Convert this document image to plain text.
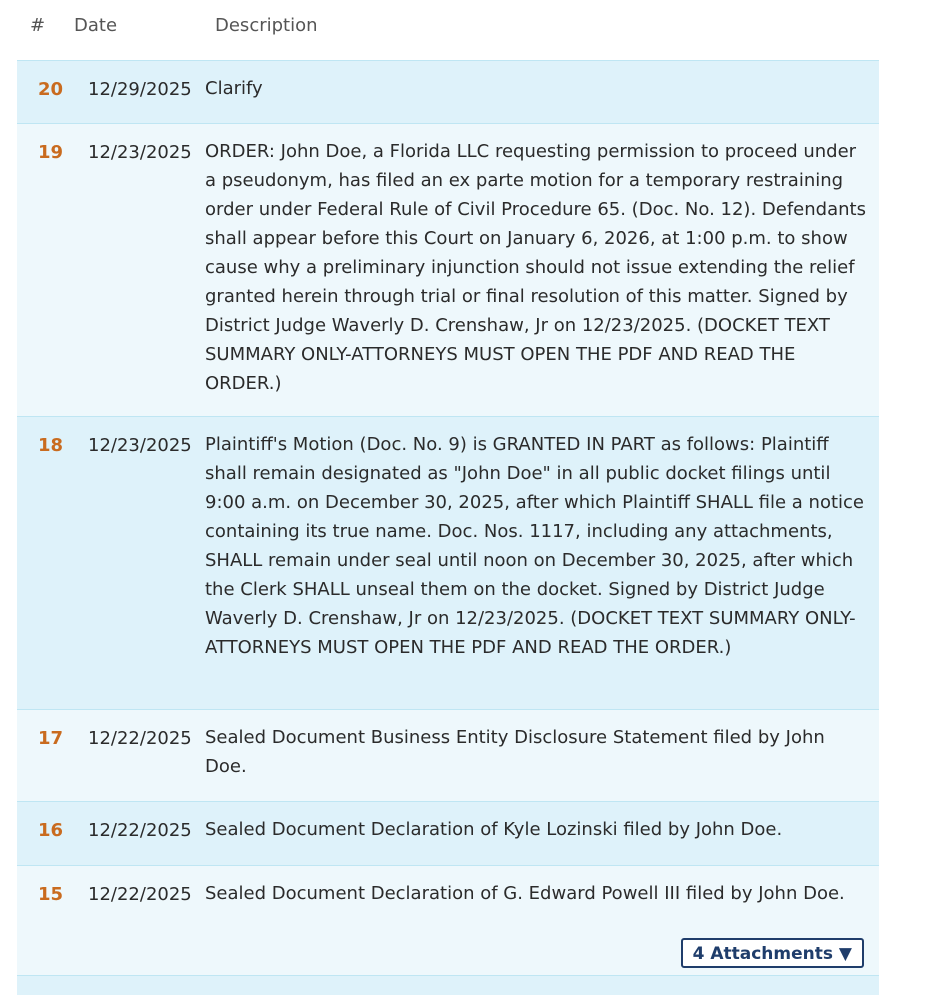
# Date	Description
20 12/29/2025 Clarify
19 12/23/2025 ORDER: John Doe, a Florida LLC requesting permission to proceed under a pseudonym, has filed an ex parte motion for a temporary restraining order under Federal Rule of Civil Procedure 65. (Doc. No. 12). Defendants shall appear before this Court on January 6, 2026, at 1:00 p.m. to show cause why a preliminary injunction should not issue extending the relief granted herein through trial or final resolution of this matter. Signed by District Judge Waverly D. Crenshaw, Jr on 12/23/2025. (DOCKET TEXT SUMMARY ONLY-ATTORNEYS MUST OPEN THE PDF AND READ THE ORDER.)
18 12/23/2025 Plaintiff's Motion (Doc. No. 9) is GRANTED IN PART as follows: Plaintiff shall remain designated as "John Doe" in all public docket filings until 9:00 a.m. on December 30, 2025, after which Plaintiff SHALL file a notice containing its true name. Doc. Nos. 1117, including any attachments, SHALL remain under seal until noon on December 30, 2025, after which the Clerk SHALL unseal them on the docket. Signed by District Judge Waverly D. Crenshaw, Jr on 12/23/2025. (DOCKET TEXT SUMMARY ONLY-ATTORNEYS MUST OPEN THE PDF AND READ THE ORDER.)
17 12/22/2025 Sealed Document Business Entity Disclosure Statement filed by John Doe.
16 12/22/2025 Sealed Document Declaration of Kyle Lozinski filed by John Doe.
15 12/22/2025 Sealed Document Declaration of G. Edward Powell III filed by John Doe.
4 Attachments ▼
